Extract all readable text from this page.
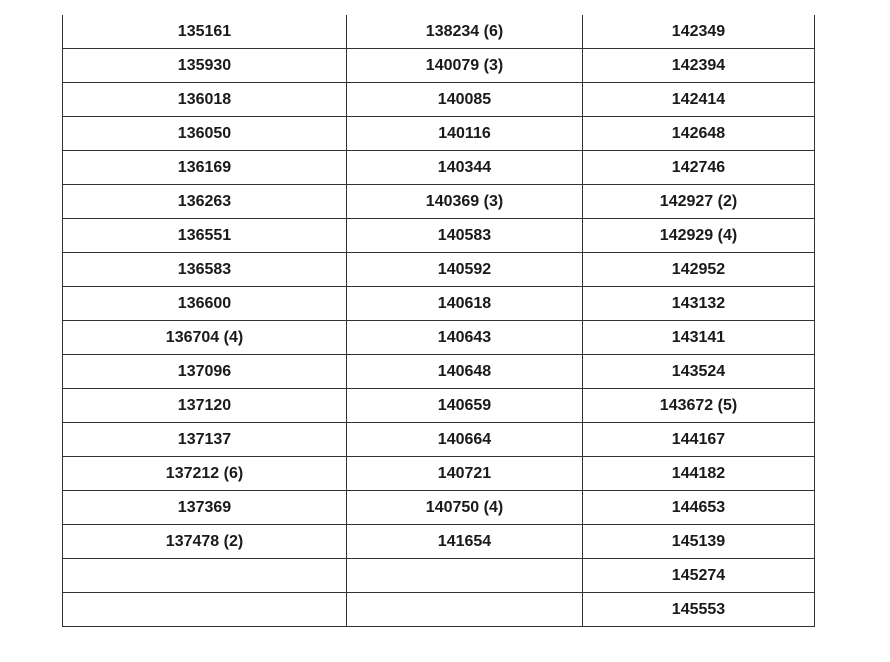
135161	138234 (6)	142349
135930	140079 (3)	142394
136018	140085	142414
136050	140116	142648
136169	140344	142746
136263	140369 (3)	142927 (2)
136551	140583	142929 (4)
136583	140592	142952
136600	140618	143132
136704 (4)	140643	143141
137096	140648	143524
137120	140659	143672 (5)
137137	140664	144167
137212 (6)	140721	144182
137369	140750 (4)	144653
137478 (2)	141654	145139
		145274
		145553
